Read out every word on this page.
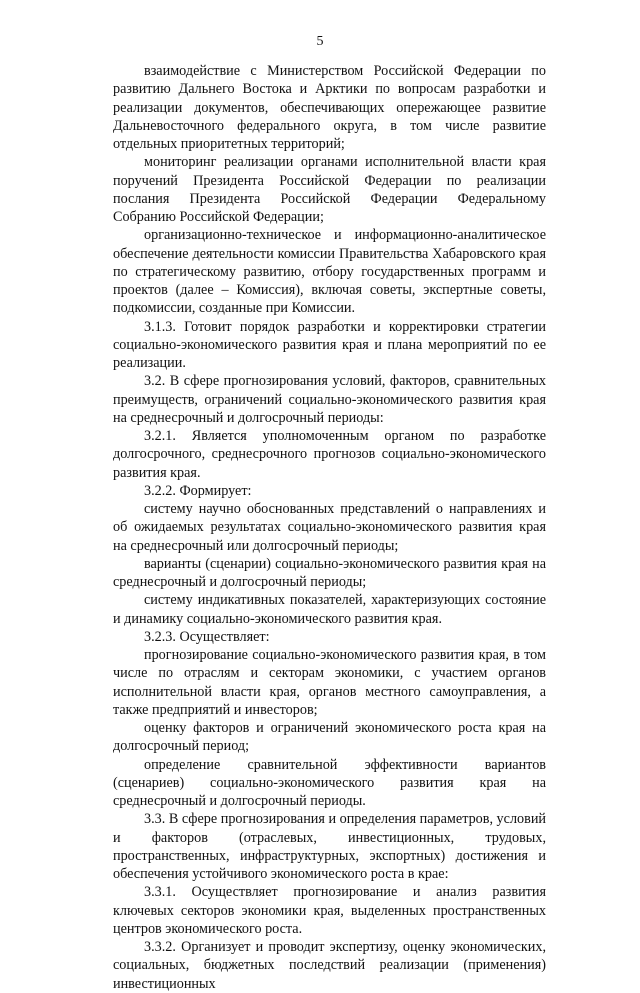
5

взаимодействие с Министерством Российской Федерации по развитию Дальнего Востока и Арктики по вопросам разработки и реализации документов, обеспечивающих опережающее развитие Дальневосточного федерального округа, в том числе развитие отдельных приоритетных территорий;

мониторинг реализации органами исполнительной власти края поручений Президента Российской Федерации по реализации послания Президента Российской Федерации Федеральному Собранию Российской Федерации;

организационно-техническое и информационно-аналитическое обеспечение деятельности комиссии Правительства Хабаровского края по стратегическому развитию, отбору государственных программ и проектов (далее – Комиссия), включая советы, экспертные советы, подкомиссии, созданные при Комиссии.

3.1.3. Готовит порядок разработки и корректировки стратегии социально-экономического развития края и плана мероприятий по ее реализации.

3.2. В сфере прогнозирования условий, факторов, сравнительных преимуществ, ограничений социально-экономического развития края на среднесрочный и долгосрочный периоды:

3.2.1. Является уполномоченным органом по разработке долгосрочного, среднесрочного прогнозов социально-экономического развития края.

3.2.2. Формирует:

систему научно обоснованных представлений о направлениях и об ожидаемых результатах социально-экономического развития края на среднесрочный или долгосрочный периоды;

варианты (сценарии) социально-экономического развития края на среднесрочный и долгосрочный периоды;

систему индикативных показателей, характеризующих состояние и динамику социально-экономического развития края.

3.2.3. Осуществляет:

прогнозирование социально-экономического развития края, в том числе по отраслям и секторам экономики, с участием органов исполнительной власти края, органов местного самоуправления, а также предприятий и инвесторов;

оценку факторов и ограничений экономического роста края на долгосрочный период;

определение сравнительной эффективности вариантов (сценариев) социально-экономического развития края на среднесрочный и долгосрочный периоды.

3.3. В сфере прогнозирования и определения параметров, условий и факторов (отраслевых, инвестиционных, трудовых, пространственных, инфраструктурных, экспортных) достижения и обеспечения устойчивого экономического роста в крае:

3.3.1. Осуществляет прогнозирование и анализ развития ключевых секторов экономики края, выделенных пространственных центров экономического роста.

3.3.2. Организует и проводит экспертизу, оценку экономических, социальных, бюджетных последствий реализации (применения) инвестиционных
